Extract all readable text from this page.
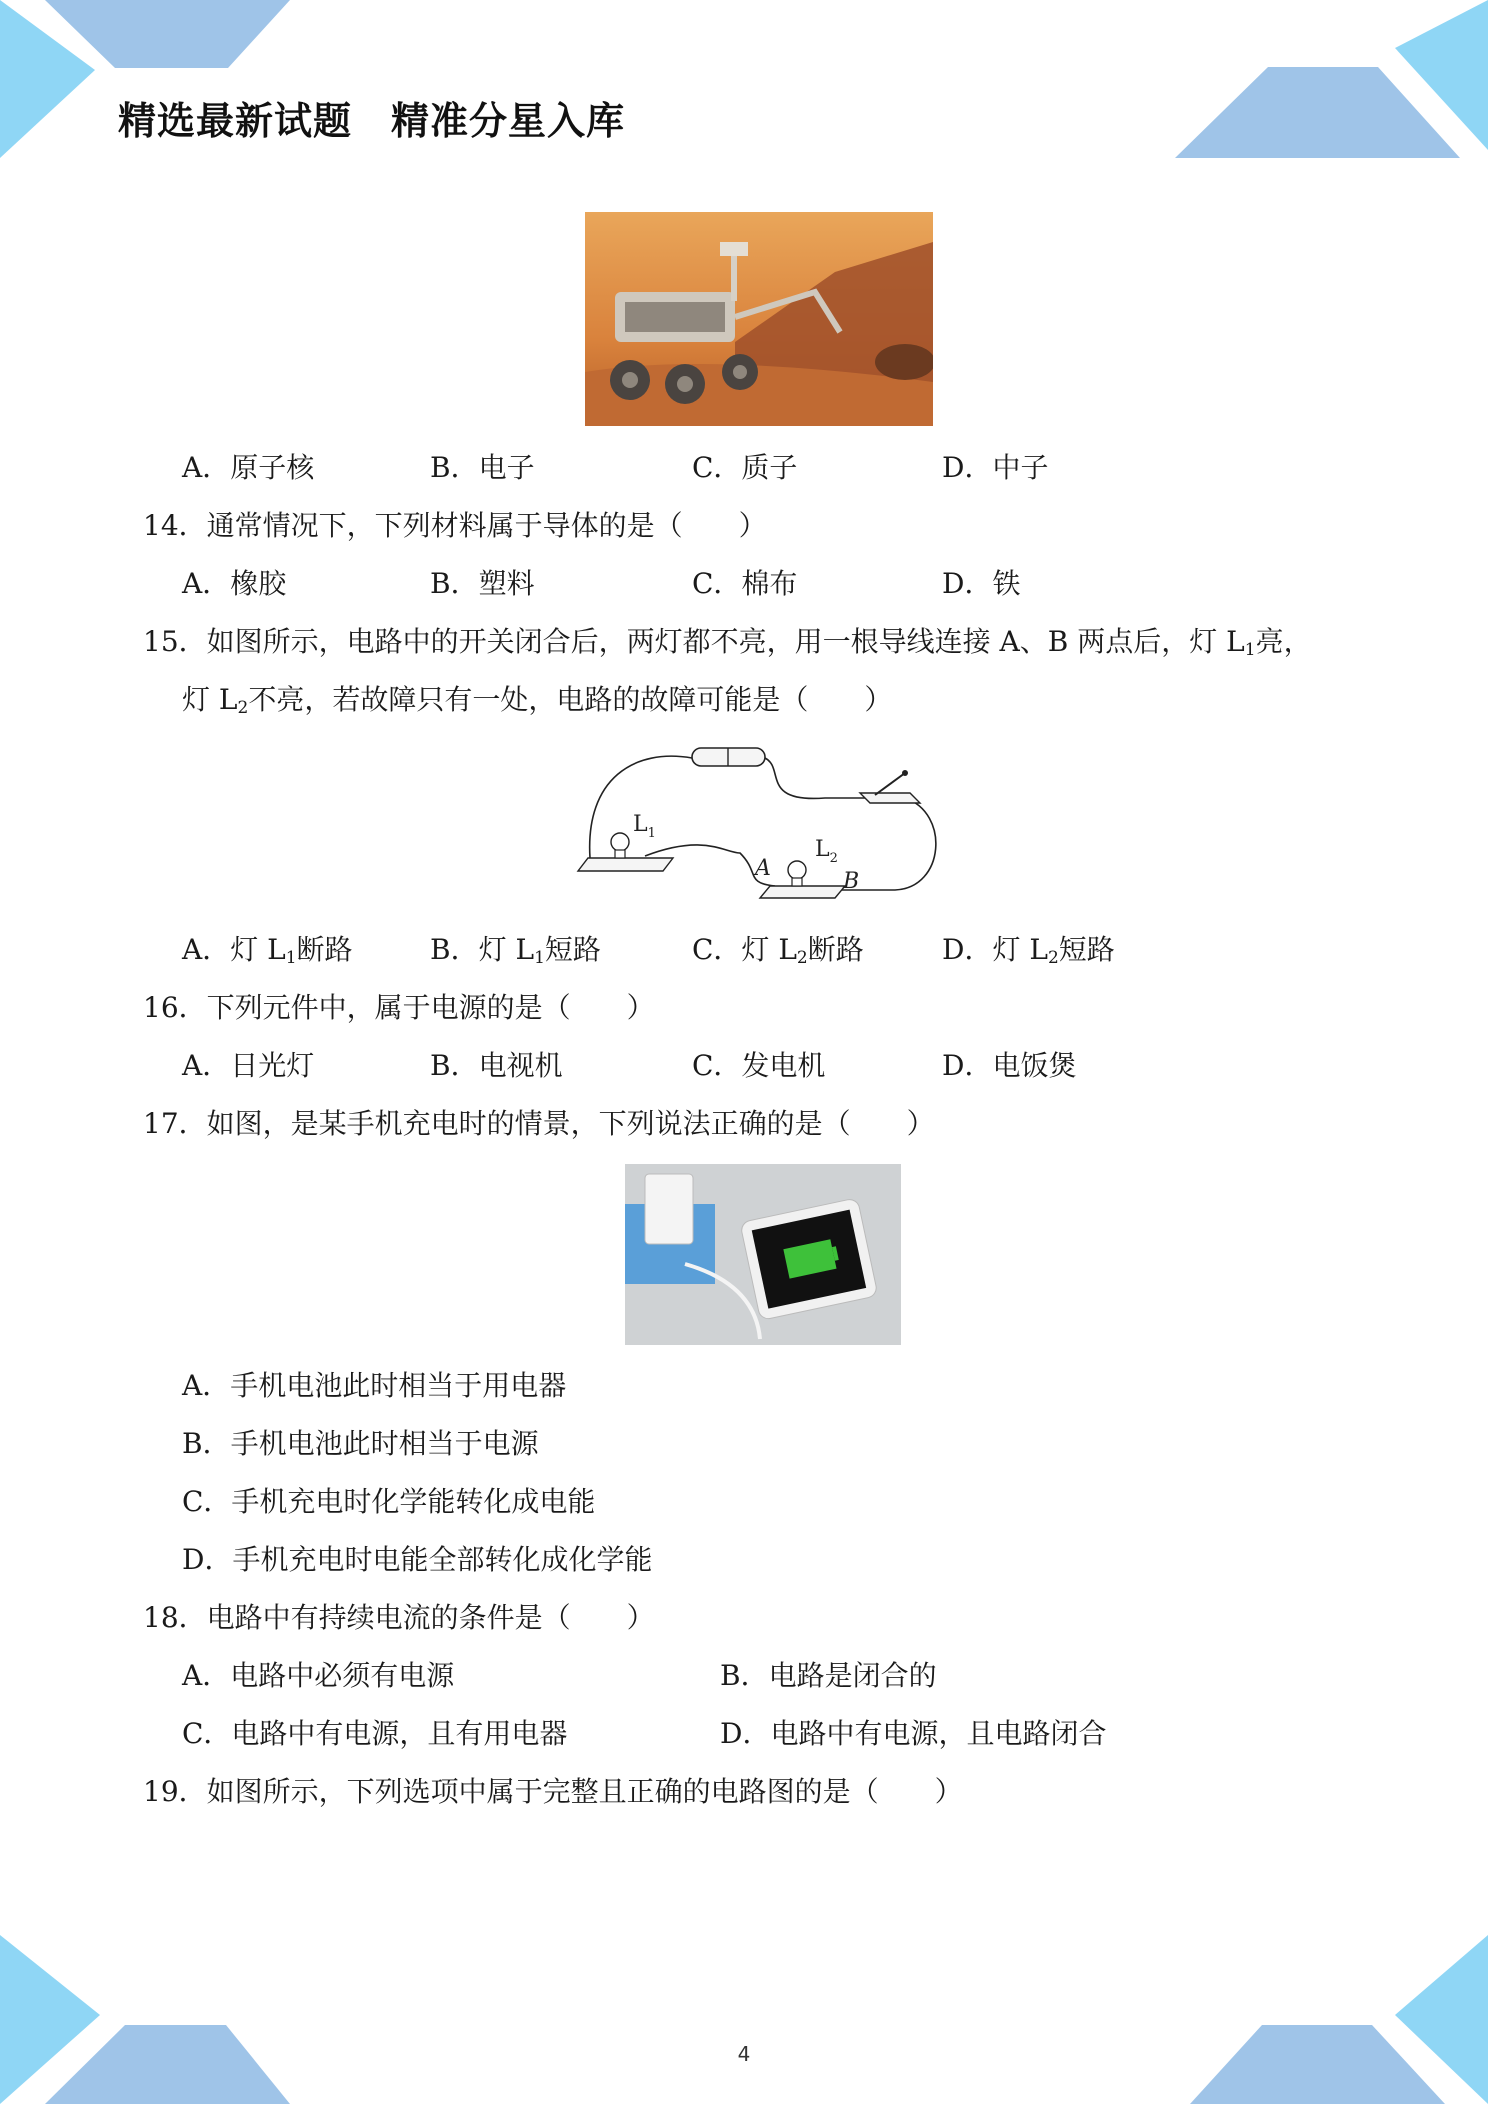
精选最新试题　精准分星入库
A．原子核	B．电子	C．质子	D．中子
14．通常情况下，下列材料属于导体的是（　　）
A．橡胶	B．塑料	C．棉布	D．铁
15．如图所示，电路中的开关闭合后，两灯都不亮，用一根导线连接 A、B 两点后，灯 $L_1$亮，
灯 $L_2$不亮，若故障只有一处，电路的故障可能是（　　）
$L_1$
$L_2$
A
B
A．灯 $L_1$断路	B．灯 $L_1$短路	C．灯 $L_2$断路	D．灯 $L_2$短路
16．下列元件中，属于电源的是（　　）
A．日光灯	B．电视机	C．发电机	D．电饭煲
17．如图，是某手机充电时的情景，下列说法正确的是（　　）
A．手机电池此时相当于用电器
B．手机电池此时相当于电源
C．手机充电时化学能转化成电能
D．手机充电时电能全部转化成化学能
18．电路中有持续电流的条件是（　　）
A．电路中必须有电源	B．电路是闭合的
C．电路中有电源，且有用电器	D．电路中有电源，且电路闭合
19．如图所示，下列选项中属于完整且正确的电路图的是（　　）
4
